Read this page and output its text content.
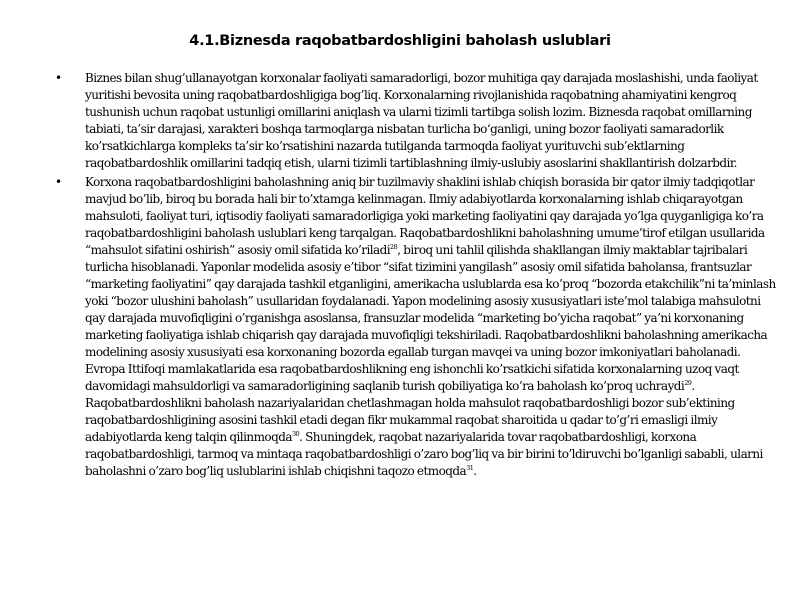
4.1.Biznesda raqobatbardoshligini baholash uslublari
• Biznes bilan shug’ullanayotgan korxonalar faoliyati samaradorligi, bozor muhitiga qay darajada moslashishi, unda faoliyat yuritishi bevosita uning raqobatbardoshligiga bog’liq. Korxonalarning rivojlanishida raqobatning ahamiyatini kengroq tushunish uchun raqobat ustunligi omillarini aniqlash va ularni tizimli tartibga solish lozim. Biznesda raqobat omillarning tabiati, ta’sir darajasi, xarakteri boshqa tarmoqlarga nisbatan turlicha bo‘ganligi, uning bozor faoliyati samaradorlik ko’rsatkichlarga kompleks ta’sir ko’rsatishini nazarda tutilganda tarmoqda faoliyat yurituvchi sub’ektlarning raqobatbardoshlik omillarini tadqiq etish, ularni tizimli tartiblashning ilmiy-uslubiy asoslarini shakllantirish dolzarbdir.
• Korxona raqobatbardoshligini baholashning aniq bir tuzilmaviy shaklini ishlab chiqish borasida bir qator ilmiy tadqiqotlar mavjud bo’lib, biroq bu borada hali bir to’xtamga kelinmagan. Ilmiy adabiyotlarda korxonalarning ishlab chiqarayotgan mahsuloti, faoliyat turi, iqtisodiy faoliyati samaradorligiga yoki marketing faoliyatini qay darajada yo’lga quyganligiga ko’ra raqobatbardoshligini baholash uslublari keng tarqalgan. Raqobatbardoshlikni baholashning umume’tirof etilgan usullarida “mahsulot sifatini oshirish” asosiy omil sifatida ko’riladi$^{28}$, biroq uni tahlil qilishda shakllangan ilmiy maktablar tajribalari turlicha hisoblanadi. Yaponlar modelida asosiy e’tibor “sifat tizimini yangilash” asosiy omil sifatida baholansa, frantsuzlar “marketing faoliyatini” qay darajada tashkil etganligini, amerikacha uslublarda esa ko’proq “bozorda etakchilik”ni ta’minlash yoki “bozor ulushini baholash” usullaridan foydalanadi. Yapon modelining asosiy xususiyatlari iste’mol talabiga mahsulotni qay darajada muvofiqligini o’rganishga asoslansa, fransuzlar modelida “marketing bo’yicha raqobat” ya’ni korxonaning marketing faoliyatiga ishlab chiqarish qay darajada muvofiqligi tekshiriladi. Raqobatbardoshlikni baholashning amerikacha modelining asosiy xususiyati esa korxonaning bozorda egallab turgan mavqei va uning bozor imkoniyatlari baholanadi. Evropa Ittifoqi mamlakatlarida esa raqobatbardoshlikning eng ishonchli ko’rsatkichi sifatida korxonalarning uzoq vaqt davomidagi mahsuldorligi va samaradorligining saqlanib turish qobiliyatiga ko’ra baholash ko’proq uchraydi$^{29}$. Raqobatbardoshlikni baholash nazariyalaridan chetlashmagan holda mahsulot raqobatbardoshligi bozor sub’ektining raqobatbardoshligining asosini tashkil etadi degan fikr mukammal raqobat sharoitida u qadar to’g’ri emasligi ilmiy adabiyotlarda keng talqin qilinmoqda$^{30}$. Shuningdek, raqobat nazariyalarida tovar raqobatbardoshligi, korxona raqobatbardoshligi, tarmoq va mintaqa raqobatbardoshligi o’zaro bog’liq va bir birini to’ldiruvchi bo’lganligi sababli, ularni baholashni o’zaro bog’liq uslublarini ishlab chiqishni taqozo etmoqda$^{31}$.
